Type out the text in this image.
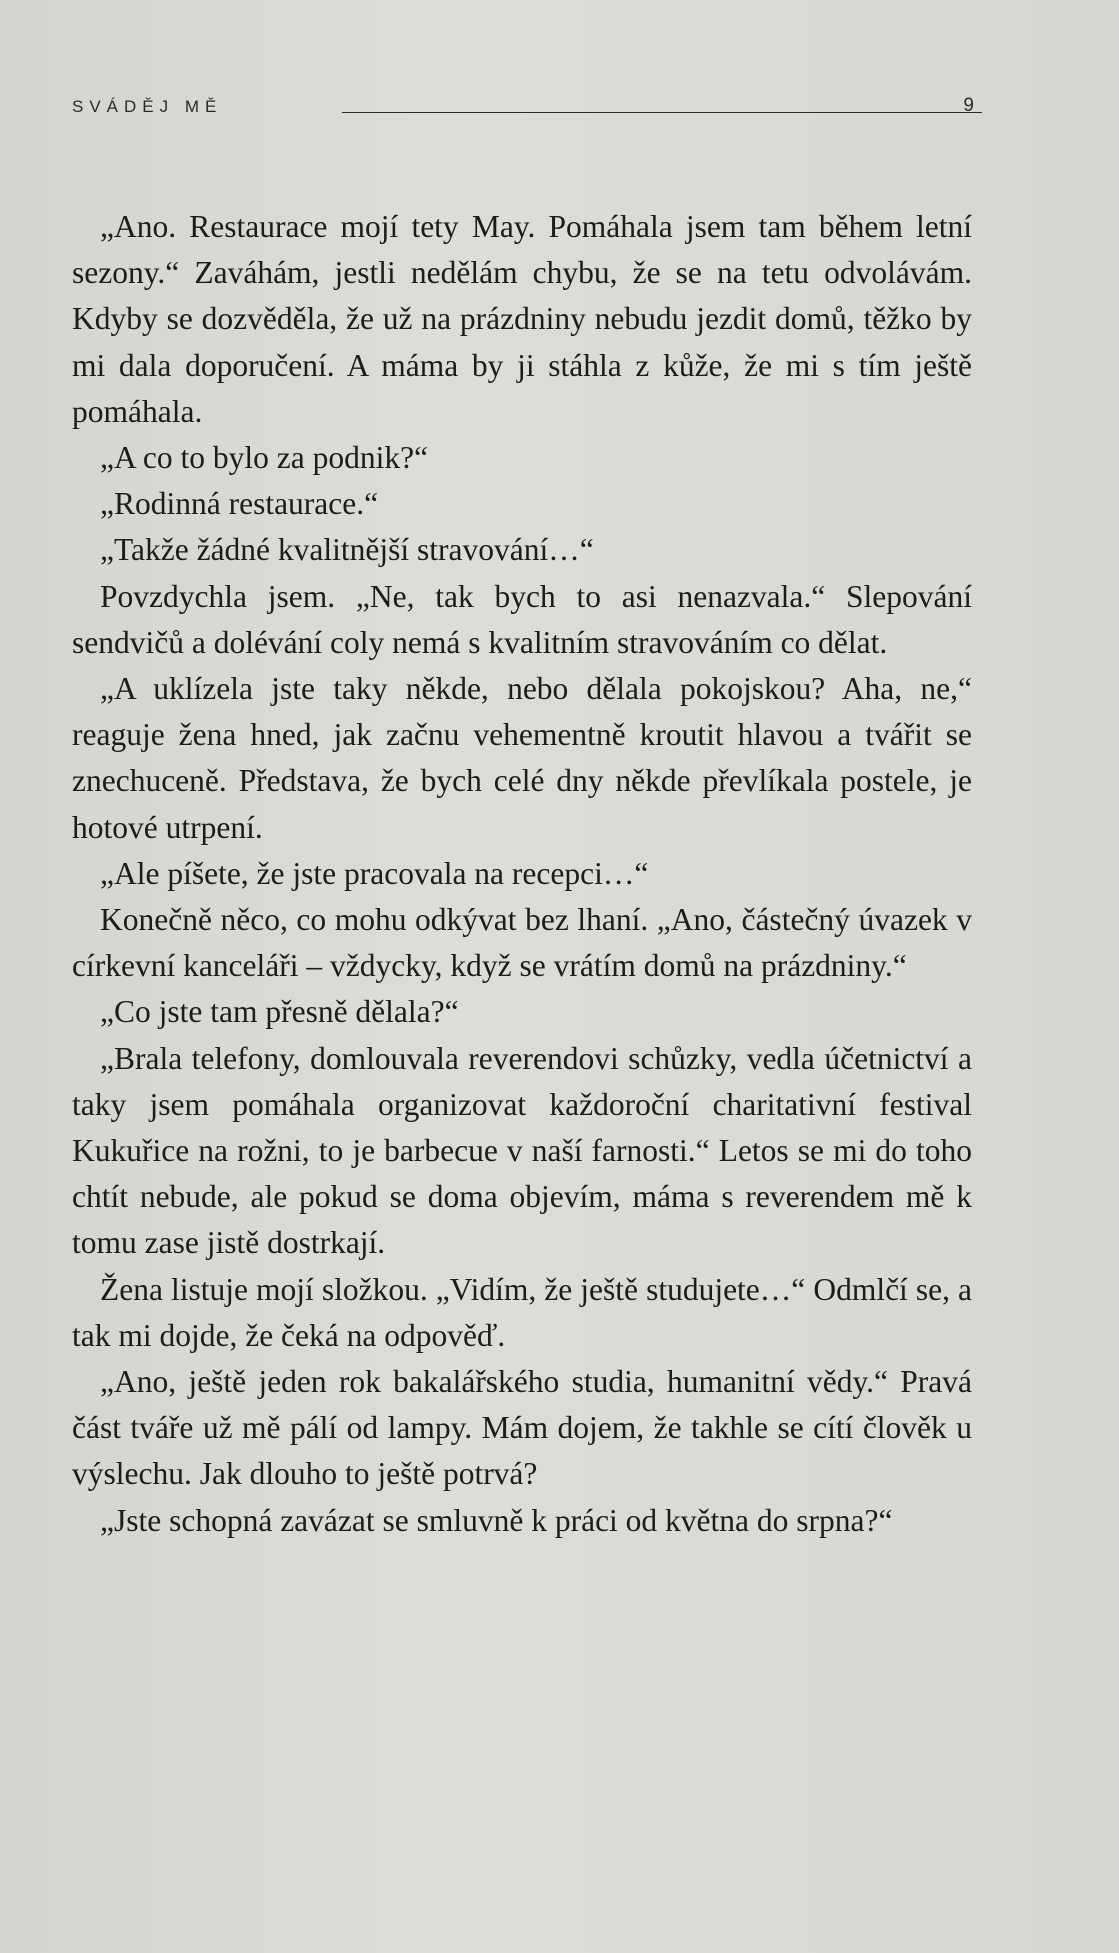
SVÁDĚJ MĚ	9

„Ano. Restaurace mojí tety May. Pomáhala jsem tam během letní sezony.“ Zaváhám, jestli nedělám chybu, že se na tetu odvolávám. Kdyby se dozvěděla, že už na prázdniny nebudu jezdit domů, těžko by mi dala doporučení. A máma by ji stáhla z kůže, že mi s tím ještě pomáhala.

„A co to bylo za podnik?“

„Rodinná restaurace.“

„Takže žádné kvalitnější stravování…“

Povzdychla jsem. „Ne, tak bych to asi nenazvala.“ Slepování sendvičů a dolévání coly nemá s kvalitním stravováním co dělat.

„A uklízela jste taky někde, nebo dělala pokojskou? Aha, ne,“ reaguje žena hned, jak začnu vehementně kroutit hlavou a tvářit se znechuceně. Představa, že bych celé dny někde převlíkala postele, je hotové utrpení.

„Ale píšete, že jste pracovala na recepci…“

Konečně něco, co mohu odkývat bez lhaní. „Ano, částečný úvazek v církevní kanceláři – vždycky, když se vrátím domů na prázdniny.“

„Co jste tam přesně dělala?“

„Brala telefony, domlouvala reverendovi schůzky, vedla účetnictví a taky jsem pomáhala organizovat každoroční charitativní festival Kukuřice na rožni, to je barbecue v naší farnosti.“ Letos se mi do toho chtít nebude, ale pokud se doma objevím, máma s reverendem mě k tomu zase jistě dostrkají.

Žena listuje mojí složkou. „Vidím, že ještě studujete…“ Odmlčí se, a tak mi dojde, že čeká na odpověď.

„Ano, ještě jeden rok bakalářského studia, humanitní vědy.“ Pravá část tváře už mě pálí od lampy. Mám dojem, že takhle se cítí člověk u výslechu. Jak dlouho to ještě potrvá?

„Jste schopná zavázat se smluvně k práci od května do srpna?“
